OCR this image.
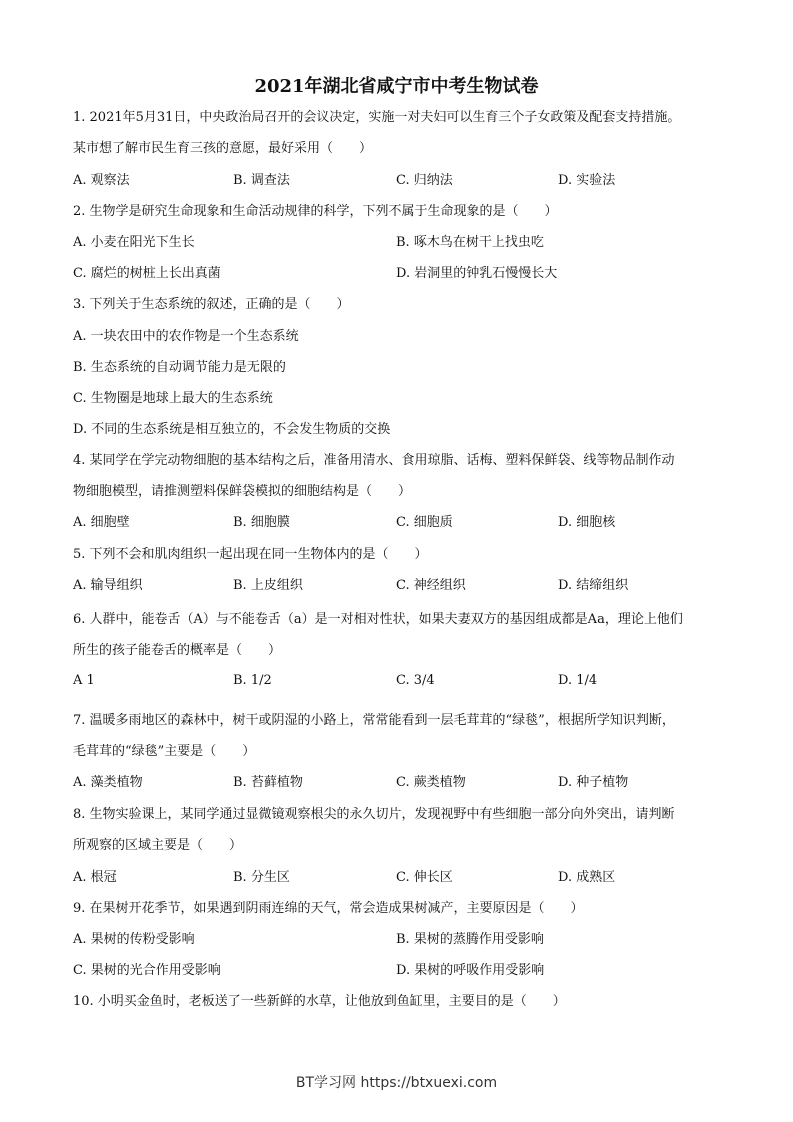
2021年湖北省咸宁市中考生物试卷
1. 2021年5月31日，中央政治局召开的会议决定，实施一对夫妇可以生育三个子女政策及配套支持措施。
某市想了解市民生育三孩的意愿，最好采用（　　）
A. 观察法	B. 调查法	C. 归纳法	D. 实验法
2. 生物学是研究生命现象和生命活动规律的科学，下列不属于生命现象的是（　　）
A. 小麦在阳光下生长	B. 啄木鸟在树干上找虫吃
C. 腐烂的树桩上长出真菌	D. 岩洞里的钟乳石慢慢长大
3. 下列关于生态系统的叙述，正确的是（　　）
A. 一块农田中的农作物是一个生态系统
B. 生态系统的自动调节能力是无限的
C. 生物圈是地球上最大的生态系统
D. 不同的生态系统是相互独立的，不会发生物质的交换
4. 某同学在学完动物细胞的基本结构之后，准备用清水、食用琼脂、话梅、塑料保鲜袋、线等物品制作动
物细胞模型，请推测塑料保鲜袋模拟的细胞结构是（　　）
A. 细胞壁	B. 细胞膜	C. 细胞质	D. 细胞核
5. 下列不会和肌肉组织一起出现在同一生物体内的是（　　）
A. 输导组织	B. 上皮组织	C. 神经组织	D. 结缔组织
6. 人群中，能卷舌（A）与不能卷舌（a）是一对相对性状，如果夫妻双方的基因组成都是Aa，理论上他们
所生的孩子能卷舌的概率是（　　）
A 1	B. 1/2	C. 3/4	D. 1/4
7. 温暖多雨地区的森林中，树干或阴湿的小路上，常常能看到一层毛茸茸的“绿毯”，根据所学知识判断，
毛茸茸的“绿毯”主要是（　　）
A. 藻类植物	B. 苔藓植物	C. 蕨类植物	D. 种子植物
8. 生物实验课上，某同学通过显微镜观察根尖的永久切片，发现视野中有些细胞一部分向外突出，请判断
所观察的区域主要是（　　）
A. 根冠	B. 分生区	C. 伸长区	D. 成熟区
9. 在果树开花季节，如果遇到阴雨连绵的天气，常会造成果树减产，主要原因是（　　）
A. 果树的传粉受影响	B. 果树的蒸腾作用受影响
C. 果树的光合作用受影响	D. 果树的呼吸作用受影响
10. 小明买金鱼时，老板送了一些新鲜的水草，让他放到鱼缸里，主要目的是（　　）
BT学习网 https://btxuexi.com
